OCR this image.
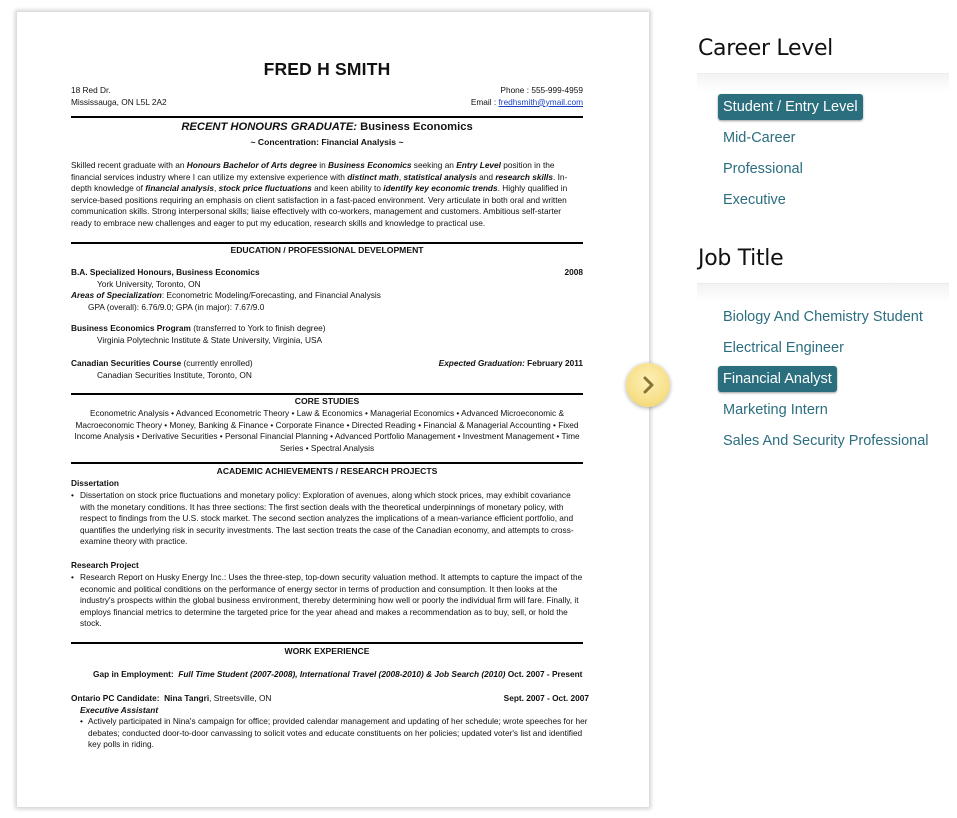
FRED H SMITH
18 Red Dr.
Mississauga, ON L5L 2A2
Phone : 555-999-4959
Email : fredhsmith@ymail.com
RECENT HONOURS GRADUATE: Business Economics
~ Concentration: Financial Analysis ~
Skilled recent graduate with an Honours Bachelor of Arts degree in Business Economics seeking an Entry Level position in the financial services industry where I can utilize my extensive experience with distinct math, statistical analysis and research skills. In-depth knowledge of financial analysis, stock price fluctuations and keen ability to identify key economic trends. Highly qualified in service-based positions requiring an emphasis on client satisfaction in a fast-paced environment. Very articulate in both oral and written communication skills. Strong interpersonal skills; liaise effectively with co-workers, management and customers. Ambitious self-starter ready to embrace new challenges and eager to put my education, research skills and knowledge to practical use.
EDUCATION / PROFESSIONAL DEVELOPMENT
B.A. Specialized Honours, Business Economics	2008
York University, Toronto, ON
Areas of Specialization: Econometric Modeling/Forecasting, and Financial Analysis
GPA (overall): 6.76/9.0; GPA (in major): 7.67/9.0
Business Economics Program (transferred to York to finish degree)
Virginia Polytechnic Institute & State University, Virginia, USA
Canadian Securities Course (currently enrolled)	Expected Graduation: February 2011
Canadian Securities Institute, Toronto, ON
CORE STUDIES
Econometric Analysis • Advanced Econometric Theory • Law & Economics • Managerial Economics • Advanced Microeconomic & Macroeconomic Theory • Money, Banking & Finance • Corporate Finance • Directed Reading • Financial & Managerial Accounting • Fixed Income Analysis • Derivative Securities • Personal Financial Planning • Advanced Portfolio Management • Investment Management • Time Series • Spectral Analysis
ACADEMIC ACHIEVEMENTS / RESEARCH PROJECTS
Dissertation
• Dissertation on stock price fluctuations and monetary policy: Exploration of avenues, along which stock prices, may exhibit covariance with the monetary conditions. It has three sections: The first section deals with the theoretical underpinnings of monetary policy, with respect to findings from the U.S. stock market. The second section analyzes the implications of a mean-variance efficient portfolio, and quantifies the underlying risk in security investments. The last section treats the case of the Canadian economy, and attempts to cross-examine theory with practice.
Research Project
• Research Report on Husky Energy Inc.: Uses the three-step, top-down security valuation method. It attempts to capture the impact of the economic and political conditions on the performance of energy sector in terms of production and consumption. It then looks at the industry's prospects within the global business environment, thereby determining how well or poorly the individual firm will fare. Finally, it employs financial metrics to determine the targeted price for the year ahead and makes a recommendation as to buy, sell, or hold the stock.
WORK EXPERIENCE
Gap in Employment: Full Time Student (2007-2008), International Travel (2008-2010) & Job Search (2010) Oct. 2007 - Present
Ontario PC Candidate: Nina Tangri, Streetsville, ON	Sept. 2007 - Oct. 2007
Executive Assistant
• Actively participated in Nina's campaign for office; provided calendar management and updating of her schedule; wrote speeches for her debates; conducted door-to-door canvassing to solicit votes and educate constituents on her policies; updated voter's list and identified key polls in riding.
Career Level
Student / Entry Level
Mid-Career
Professional
Executive
Job Title
Biology And Chemistry Student
Electrical Engineer
Financial Analyst
Marketing Intern
Sales And Security Professional
